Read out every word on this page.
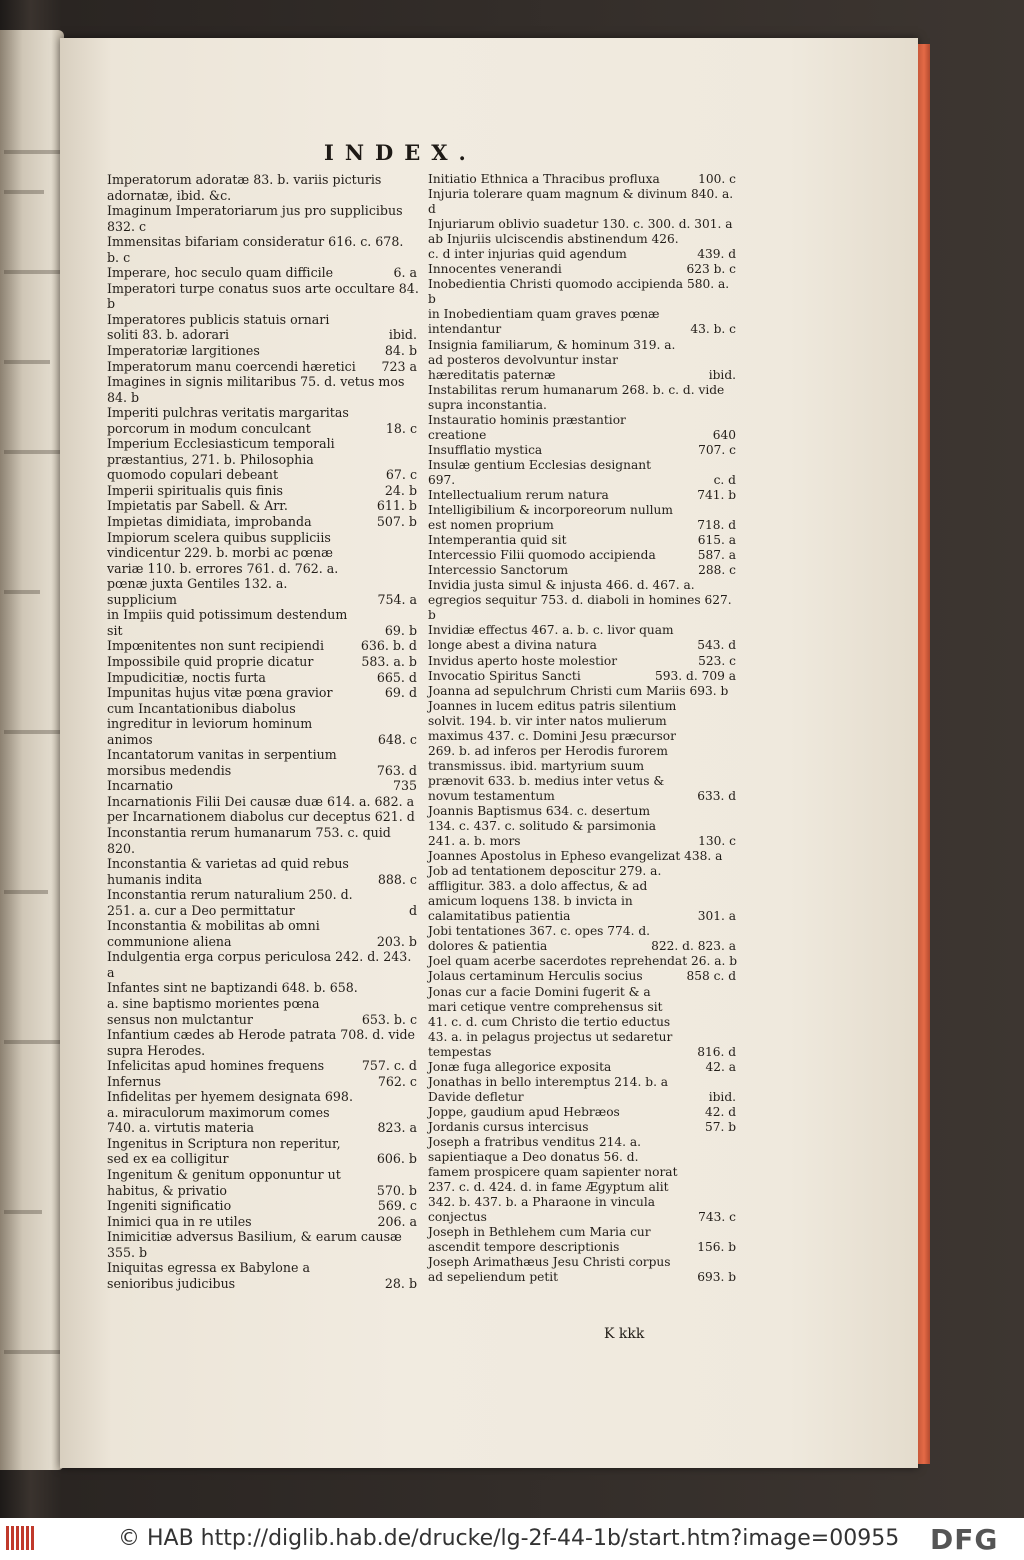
INDEX.
Imperatorum adoratæ 83. b. variis picturis adornatæ, ibid. &c.
Imaginum Imperatoriarum jus pro supplicibus 832. c
Immensitas bifariam consideratur 616. c. 678. b. c
Imperare, hoc seculo quam difficile	6. a
Imperatori turpe conatus suos arte occultare 84. b
Imperatores publicis statuis ornari soliti 83. b. adorari	ibid.
Imperatoriæ largitiones	84. b
Imperatorum manu coercendi hæretici	723 a
Imagines in signis militaribus 75. d. vetus mos 84. b
Imperiti pulchras veritatis margaritas porcorum in modum conculcant	18. c
Imperium Ecclesiasticum temporali præstantius, 271. b. Philosophia quomodo copulari debeant	67. c
Imperii spiritualis quis finis	24. b
Impietatis par Sabell. & Arr.	611. b
Impietas dimidiata, improbanda	507. b
Impiorum scelera quibus suppliciis vindicentur 229. b. morbi ac pœnæ variæ 110. b. errores 761. d. 762. a. pœnæ juxta Gentiles 132. a. supplicium	754. a
in Impiis quid potissimum destendum sit	69. b
Impœnitentes non sunt recipiendi	636. b. d
Impossibile quid proprie dicatur	583. a. b
Impudicitiæ, noctis furta	665. d
Impunitas hujus vitæ pœna gravior	69. d
cum Incantationibus diabolus ingreditur in leviorum hominum animos	648. c
Incantatorum vanitas in serpentium morsibus medendis	763. d
Incarnatio	735
Incarnationis Filii Dei causæ duæ 614. a. 682. a
per Incarnationem diabolus cur deceptus 621. d
Inconstantia rerum humanarum 753. c. quid 820.
Inconstantia & varietas ad quid rebus humanis indita	888. c
Inconstantia rerum naturalium 250. d. 251. a. cur a Deo permittatur	d
Inconstantia & mobilitas ab omni communione aliena	203. b
Indulgentia erga corpus periculosa 242. d. 243. a
Infantes sint ne baptizandi 648. b. 658. a. sine baptismo morientes pœna sensus non mulctantur	653. b. c
Infantium cædes ab Herode patrata 708. d. vide supra Herodes.
Infelicitas apud homines frequens	757. c. d
Infernus	762. c
Infidelitas per hyemem designata 698. a. miraculorum maximorum comes 740. a. virtutis materia	823. a
Ingenitus in Scriptura non reperitur, sed ex ea colligitur	606. b
Ingenitum & genitum opponuntur ut habitus, & privatio	570. b
Ingeniti significatio	569. c
Inimici qua in re utiles	206. a
Inimicitiæ adversus Basilium, & earum causæ 355. b
Iniquitas egressa ex Babylone a senioribus judicibus	28. b
Initiatio Ethnica a Thracibus profluxa	100. c
Injuria tolerare quam magnum & divinum 840. a. d
Injuriarum oblivio suadetur 130. c. 300. d. 301. a
ab Injuriis ulciscendis abstinendum 426. c. d inter injurias quid agendum	439. d
Innocentes venerandi	623 b. c
Inobedientia Christi quomodo accipienda 580. a. b
in Inobedientiam quam graves pœnæ intendantur	43. b. c
Insignia familiarum, & hominum 319. a. ad posteros devolvuntur instar hæreditatis paternæ	ibid.
Instabilitas rerum humanarum 268. b. c. d. vide supra inconstantia.
Instauratio hominis præstantior creatione	640
Insufflatio mystica	707. c
Insulæ gentium Ecclesias designant 697.	c. d
Intellectualium rerum natura	741. b
Intelligibilium & incorporeorum nullum est nomen proprium	718. d
Intemperantia quid sit	615. a
Intercessio Filii quomodo accipienda	587. a
Intercessio Sanctorum	288. c
Invidia justa simul & injusta 466. d. 467. a. egregios sequitur 753. d. diaboli in homines 627. b
Invidiæ effectus 467. a. b. c. livor quam longe abest a divina natura	543. d
Invidus aperto hoste molestior	523. c
Invocatio Spiritus Sancti	593. d. 709 a
Joanna ad sepulchrum Christi cum Mariis 693. b
Joannes in lucem editus patris silentium solvit. 194. b. vir inter natos mulierum maximus 437. c. Domini Jesu præcursor 269. b. ad inferos per Herodis furorem transmissus. ibid. martyrium suum prænovit 633. b. medius inter vetus & novum testamentum	633. d
Joannis Baptismus 634. c. desertum 134. c. 437. c. solitudo & parsimonia 241. a. b. mors	130. c
Joannes Apostolus in Epheso evangelizat 438. a
Job ad tentationem deposcitur 279. a. affligitur. 383. a dolo affectus, & ad amicum loquens 138. b invicta in calamitatibus patientia	301. a
Jobi tentationes 367. c. opes 774. d. dolores & patientia	822. d. 823. a
Joel quam acerbe sacerdotes reprehendat 26. a. b
Jolaus certaminum Herculis socius	858 c. d
Jonas cur a facie Domini fugerit & a mari cetique ventre comprehensus sit 41. c. d. cum Christo die tertio eductus 43. a. in pelagus projectus ut sedaretur tempestas	816. d
Jonæ fuga allegorice exposita	42. a
Jonathas in bello interemptus 214. b. a Davide defletur	ibid.
Joppe, gaudium apud Hebræos	42. d
Jordanis cursus intercisus	57. b
Joseph a fratribus venditus 214. a. sapientiaque a Deo donatus 56. d. famem prospicere quam sapienter norat 237. c. d. 424. d. in fame Ægyptum alit 342. b. 437. b. a Pharaone in vincula conjectus	743. c
Joseph in Bethlehem cum Maria cur ascendit tempore descriptionis	156. b
Joseph Arimathæus Jesu Christi corpus ad sepeliendum petit	693. b
K kkk
© HAB http://diglib.hab.de/drucke/lg-2f-44-1b/start.htm?image=00955 DFG
